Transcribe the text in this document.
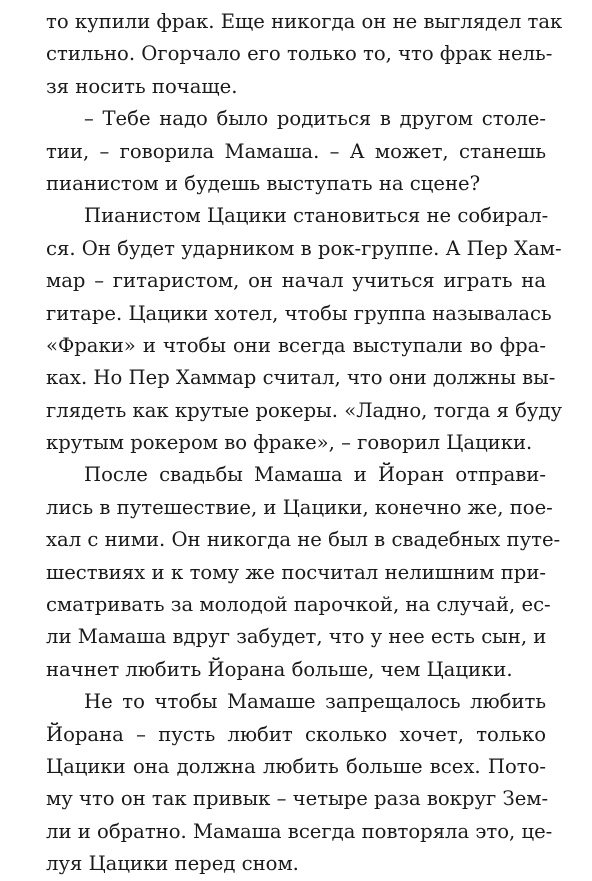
то купили фрак. Еще никогда он не выглядел так
стильно. Огорчало его только то, что фрак нель-
зя носить почаще.
– Тебе надо было родиться в другом столе-
тии, – говорила Мамаша. – А может, станешь
пианистом и будешь выступать на сцене?
Пианистом Цацики становиться не собирал-
ся. Он будет ударником в рок-группе. А Пер Хам-
мар – гитаристом, он начал учиться играть на
гитаре. Цацики хотел, чтобы группа называлась
«Фраки» и чтобы они всегда выступали во фра-
ках. Но Пер Хаммар считал, что они должны вы-
глядеть как крутые рокеры. «Ладно, тогда я буду
крутым рокером во фраке», – говорил Цацики.
После свадьбы Мамаша и Йоран отправи-
лись в путешествие, и Цацики, конечно же, пое-
хал с ними. Он никогда не был в свадебных путе-
шествиях и к тому же посчитал нелишним при-
сматривать за молодой парочкой, на случай, ес-
ли Мамаша вдруг забудет, что у нее есть сын, и
начнет любить Йорана больше, чем Цацики.
Не то чтобы Мамаше запрещалось любить
Йорана – пусть любит сколько хочет, только
Цацики она должна любить больше всех. Пото-
му что он так привык – четыре раза вокруг Зем-
ли и обратно. Мамаша всегда повторяла это, це-
луя Цацики перед сном.
